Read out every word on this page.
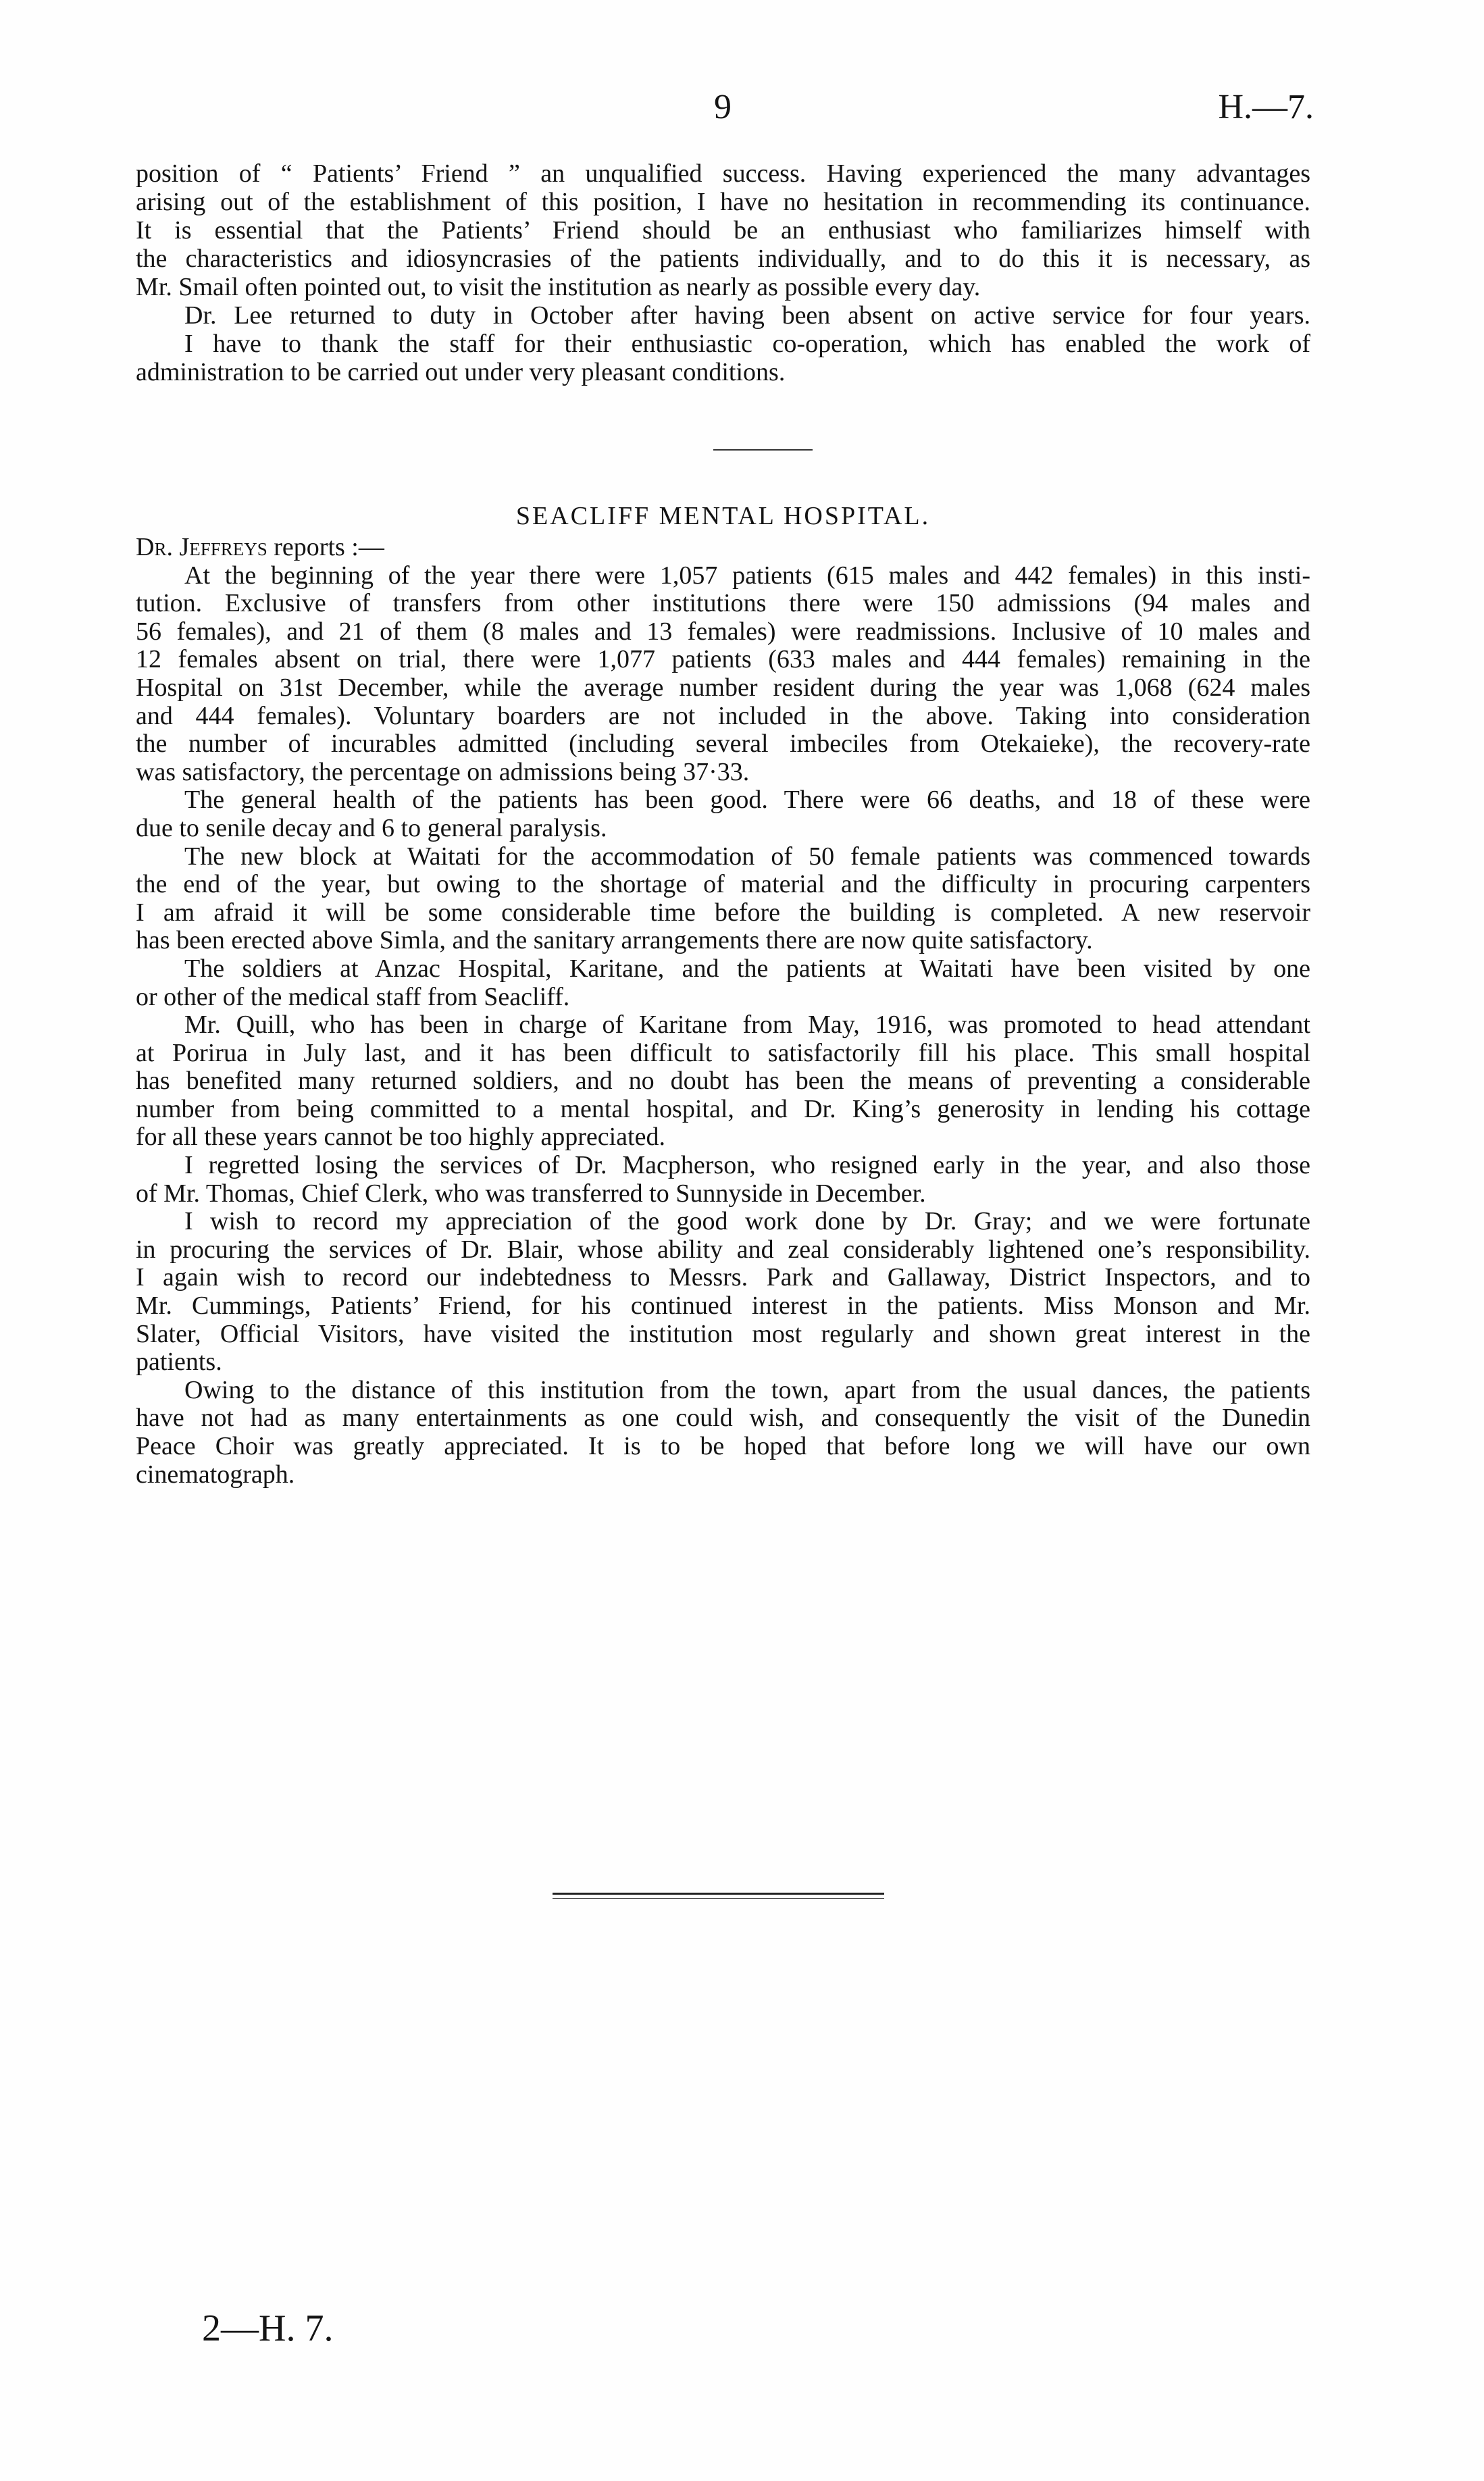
9	H.—7.
position of “ Patients’ Friend ” an unqualified success. Having experienced the many advantages
arising out of the establishment of this position, I have no hesitation in recommending its continuance.
It is essential that the Patients’ Friend should be an enthusiast who familiarizes himself with
the characteristics and idiosyncrasies of the patients individually, and to do this it is necessary, as
Mr. Smail often pointed out, to visit the institution as nearly as possible every day.
Dr. Lee returned to duty in October after having been absent on active service for four years.
I have to thank the staff for their enthusiastic co-operation, which has enabled the work of
administration to be carried out under very pleasant conditions.
SEACLIFF MENTAL HOSPITAL.
Dr. Jeffreys reports :—
At the beginning of the year there were 1,057 patients (615 males and 442 females) in this insti-
tution. Exclusive of transfers from other institutions there were 150 admissions (94 males and
56 females), and 21 of them (8 males and 13 females) were readmissions. Inclusive of 10 males and
12 females absent on trial, there were 1,077 patients (633 males and 444 females) remaining in the
Hospital on 31st December, while the average number resident during the year was 1,068 (624 males
and 444 females). Voluntary boarders are not included in the above. Taking into consideration
the number of incurables admitted (including several imbeciles from Otekaieke), the recovery-rate
was satisfactory, the percentage on admissions being 37·33.
The general health of the patients has been good. There were 66 deaths, and 18 of these were
due to senile decay and 6 to general paralysis.
The new block at Waitati for the accommodation of 50 female patients was commenced towards
the end of the year, but owing to the shortage of material and the difficulty in procuring carpenters
I am afraid it will be some considerable time before the building is completed. A new reservoir
has been erected above Simla, and the sanitary arrangements there are now quite satisfactory.
The soldiers at Anzac Hospital, Karitane, and the patients at Waitati have been visited by one
or other of the medical staff from Seacliff.
Mr. Quill, who has been in charge of Karitane from May, 1916, was promoted to head attendant
at Porirua in July last, and it has been difficult to satisfactorily fill his place. This small hospital
has benefited many returned soldiers, and no doubt has been the means of preventing a considerable
number from being committed to a mental hospital, and Dr. King’s generosity in lending his cottage
for all these years cannot be too highly appreciated.
I regretted losing the services of Dr. Macpherson, who resigned early in the year, and also those
of Mr. Thomas, Chief Clerk, who was transferred to Sunnyside in December.
I wish to record my appreciation of the good work done by Dr. Gray; and we were fortunate
in procuring the services of Dr. Blair, whose ability and zeal considerably lightened one’s responsibility.
I again wish to record our indebtedness to Messrs. Park and Gallaway, District Inspectors, and to
Mr. Cummings, Patients’ Friend, for his continued interest in the patients. Miss Monson and Mr.
Slater, Official Visitors, have visited the institution most regularly and shown great interest in the
patients.
Owing to the distance of this institution from the town, apart from the usual dances, the patients
have not had as many entertainments as one could wish, and consequently the visit of the Dunedin
Peace Choir was greatly appreciated. It is to be hoped that before long we will have our own
cinematograph.
2—H. 7.
